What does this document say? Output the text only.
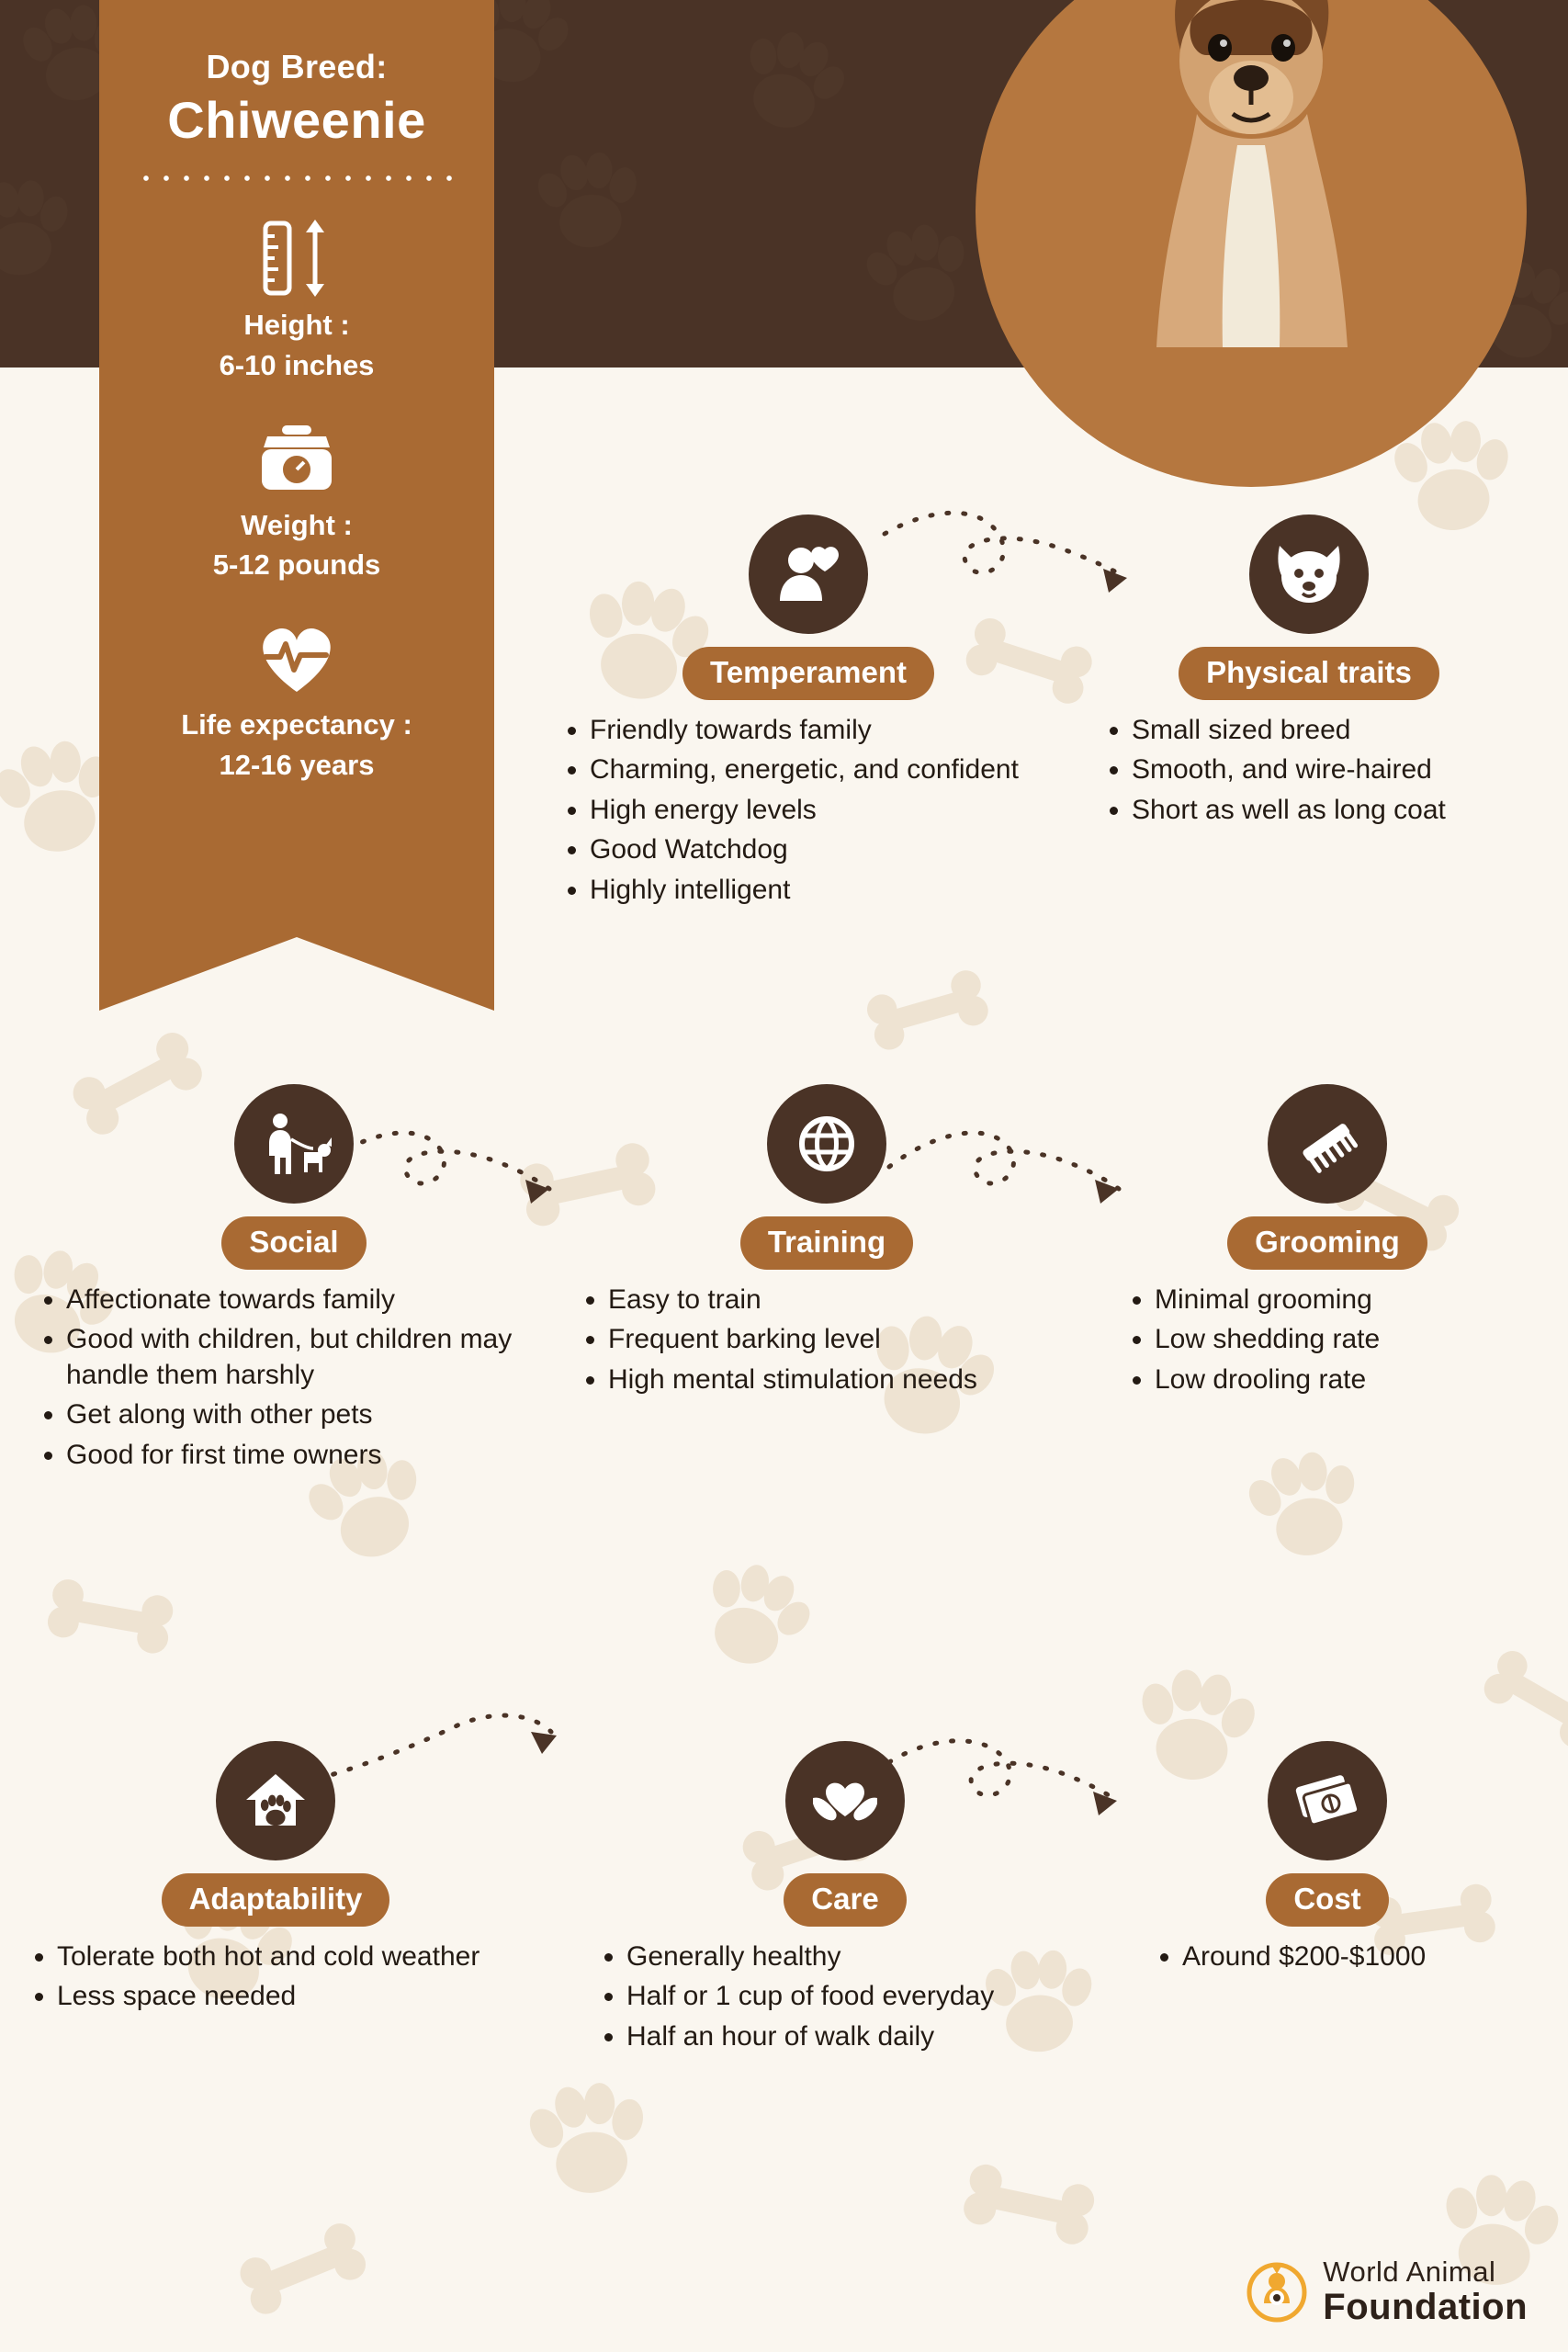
Dog Breed:
Chiweenie
Height :
6-10 inches
Weight :
5-12 pounds
Life expectancy :
12-16 years
Temperament
• Friendly towards family
• Charming, energetic, and confident
• High energy levels
• Good Watchdog
• Highly intelligent
Physical traits
• Small sized breed
• Smooth, and wire-haired
• Short as well as long coat
Social
• Affectionate towards family
• Good with children, but children may handle them harshly
• Get along with other pets
• Good for first time owners
Training
• Easy to train
• Frequent barking level
• High mental stimulation needs
Grooming
• Minimal grooming
• Low shedding rate
• Low drooling rate
Adaptability
• Tolerate both hot and cold weather
• Less space needed
Care
• Generally healthy
• Half or 1 cup of food everyday
• Half an hour of walk daily
Cost
• Around $200-$1000
World Animal
Foundation
